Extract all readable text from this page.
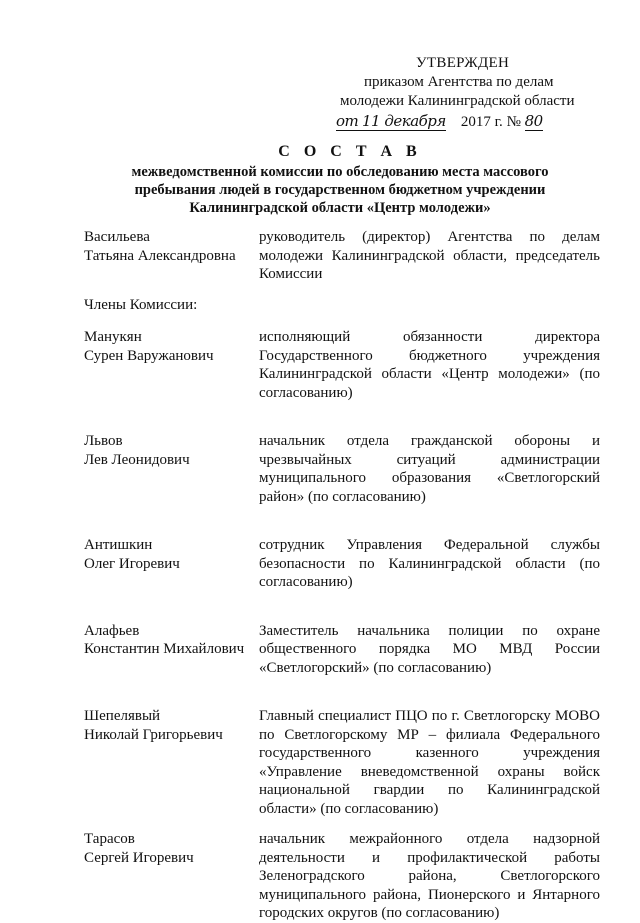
УТВЕРЖДЕН
приказом Агентства по делам
молодежи Калининградской области
от 11 декабря 2017 г. № 80
С О С Т А В
межведомственной комиссии по обследованию места массового пребывания людей в государственном бюджетном учреждении Калининградской области «Центр молодежи»
Васильева
Татьяна Александровна
руководитель (директор) Агентства по делам молодежи Калининградской области, председатель Комиссии
Члены Комиссии:
Манукян
Сурен Варужанович
исполняющий обязанности директора Государственного бюджетного учреждения Калининградской области «Центр молодежи» (по согласованию)
Львов
Лев Леонидович
начальник отдела гражданской обороны и чрезвычайных ситуаций администрации муниципального образования «Светлогорский район» (по согласованию)
Антишкин
Олег Игоревич
сотрудник Управления Федеральной службы безопасности по Калининградской области (по согласованию)
Алафьев
Константин Михайлович
Заместитель начальника полиции по охране общественного порядка МО МВД России «Светлогорский» (по согласованию)
Шепелявый
Николай Григорьевич
Главный специалист ПЦО по г. Светлогорску МОВО по Светлогорскому МР – филиала Федерального государственного казенного учреждения «Управление вневедомственной охраны войск национальной гвардии по Калининградской области» (по согласованию)
Тарасов
Сергей Игоревич
начальник межрайонного отдела надзорной деятельности и профилактической работы Зеленоградского района, Светлогорского муниципального района, Пионерского и Янтарного городских округов (по согласованию)
